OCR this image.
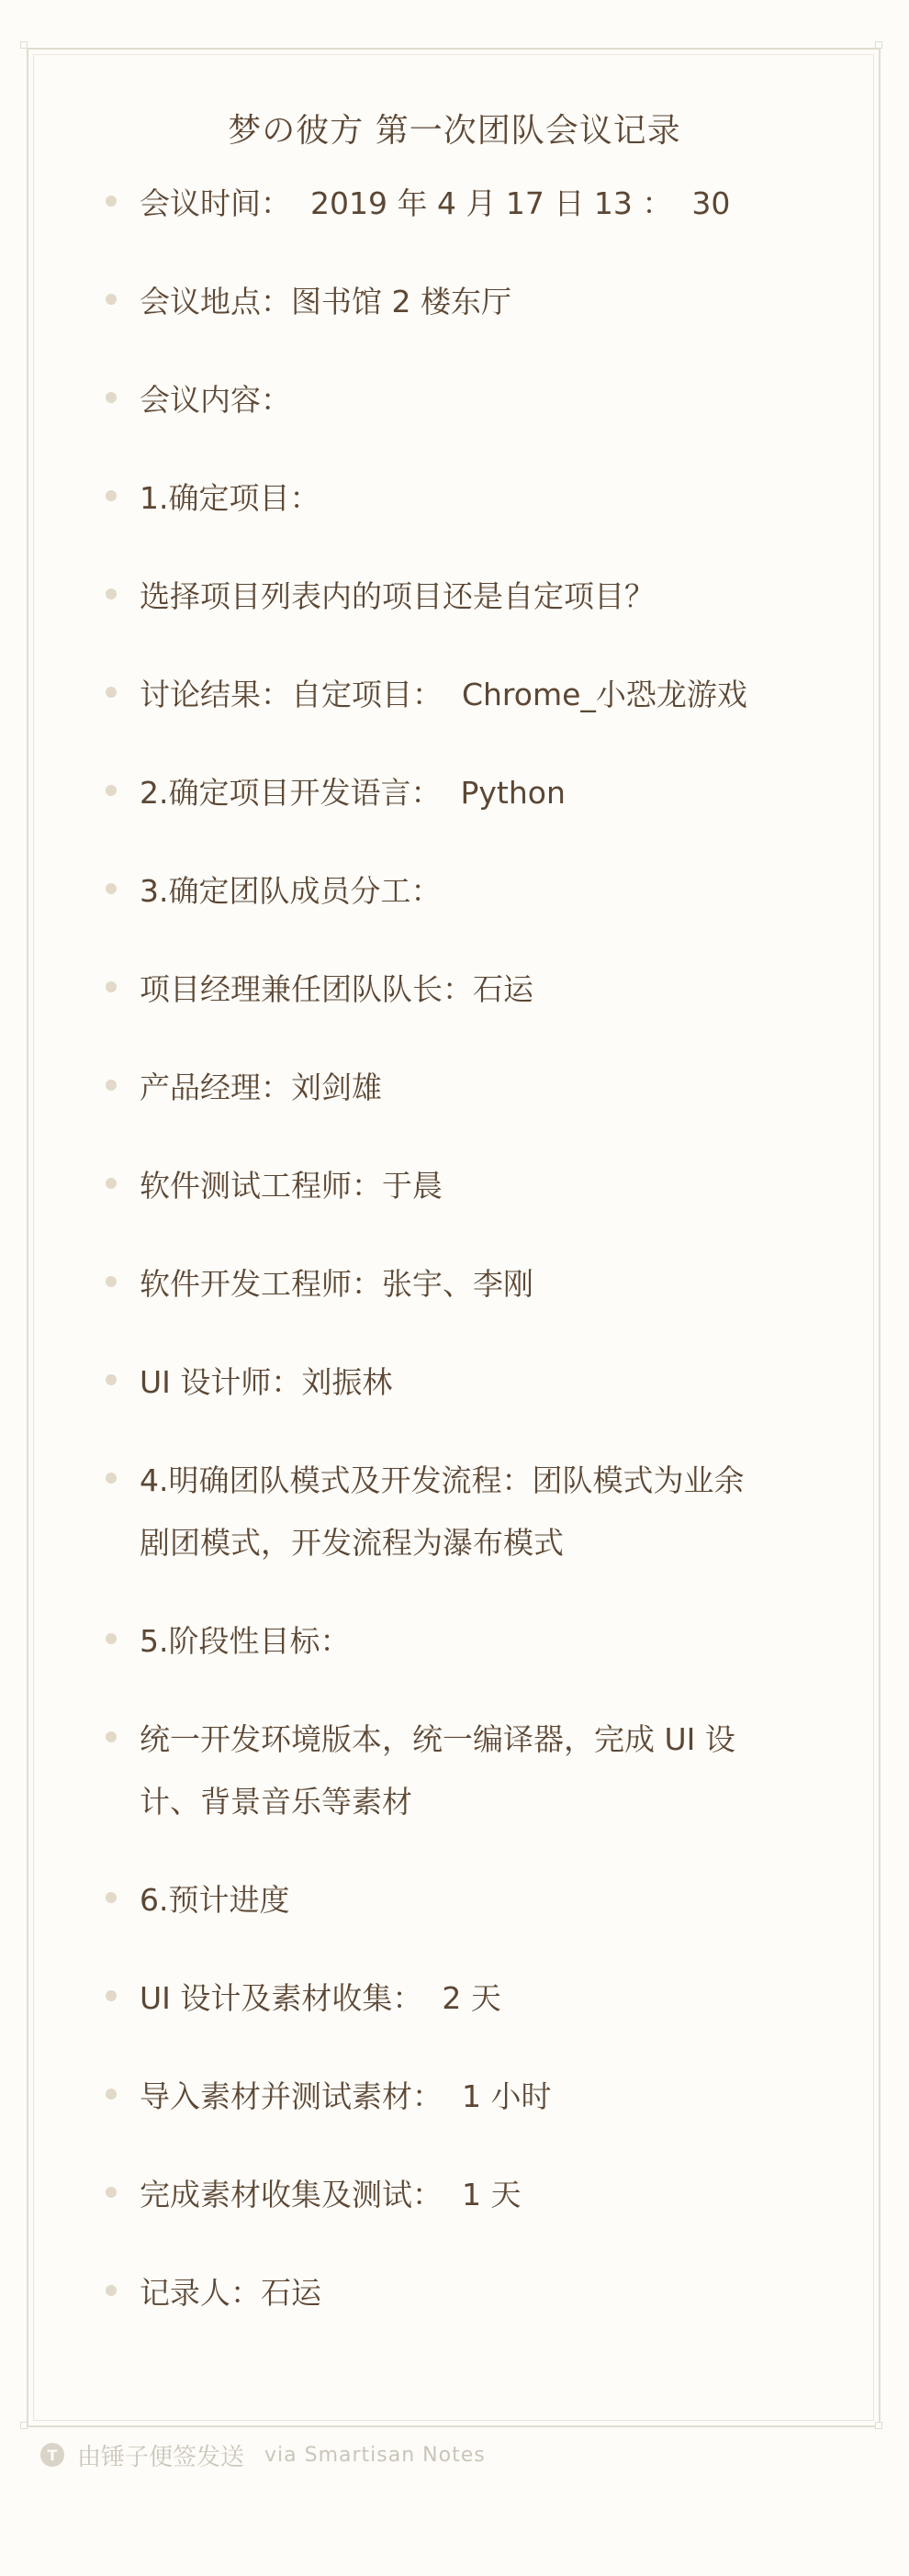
梦の彼方 第一次团队会议记录
会议时间：  2019 年 4 月 17 日 13 ：  30
会议地点：图书馆 2 楼东厅
会议内容：
1.确定项目：
选择项目列表内的项目还是自定项目？
讨论结果：自定项目：  Chrome_小恐龙游戏
2.确定项目开发语言：  Python
3.确定团队成员分工：
项目经理兼任团队队长：石运
产品经理：刘剑雄
软件测试工程师：于晨
软件开发工程师：张宇、李刚
UI 设计师：刘振林
4.明确团队模式及开发流程：团队模式为业余
剧团模式，开发流程为瀑布模式
5.阶段性目标：
统一开发环境版本，统一编译器，完成 UI 设
计、背景音乐等素材
6.预计进度
UI 设计及素材收集：  2 天
导入素材并测试素材：  1 小时
完成素材收集及测试：  1 天
记录人：石运
T 由锤子便签发送 via Smartisan Notes
